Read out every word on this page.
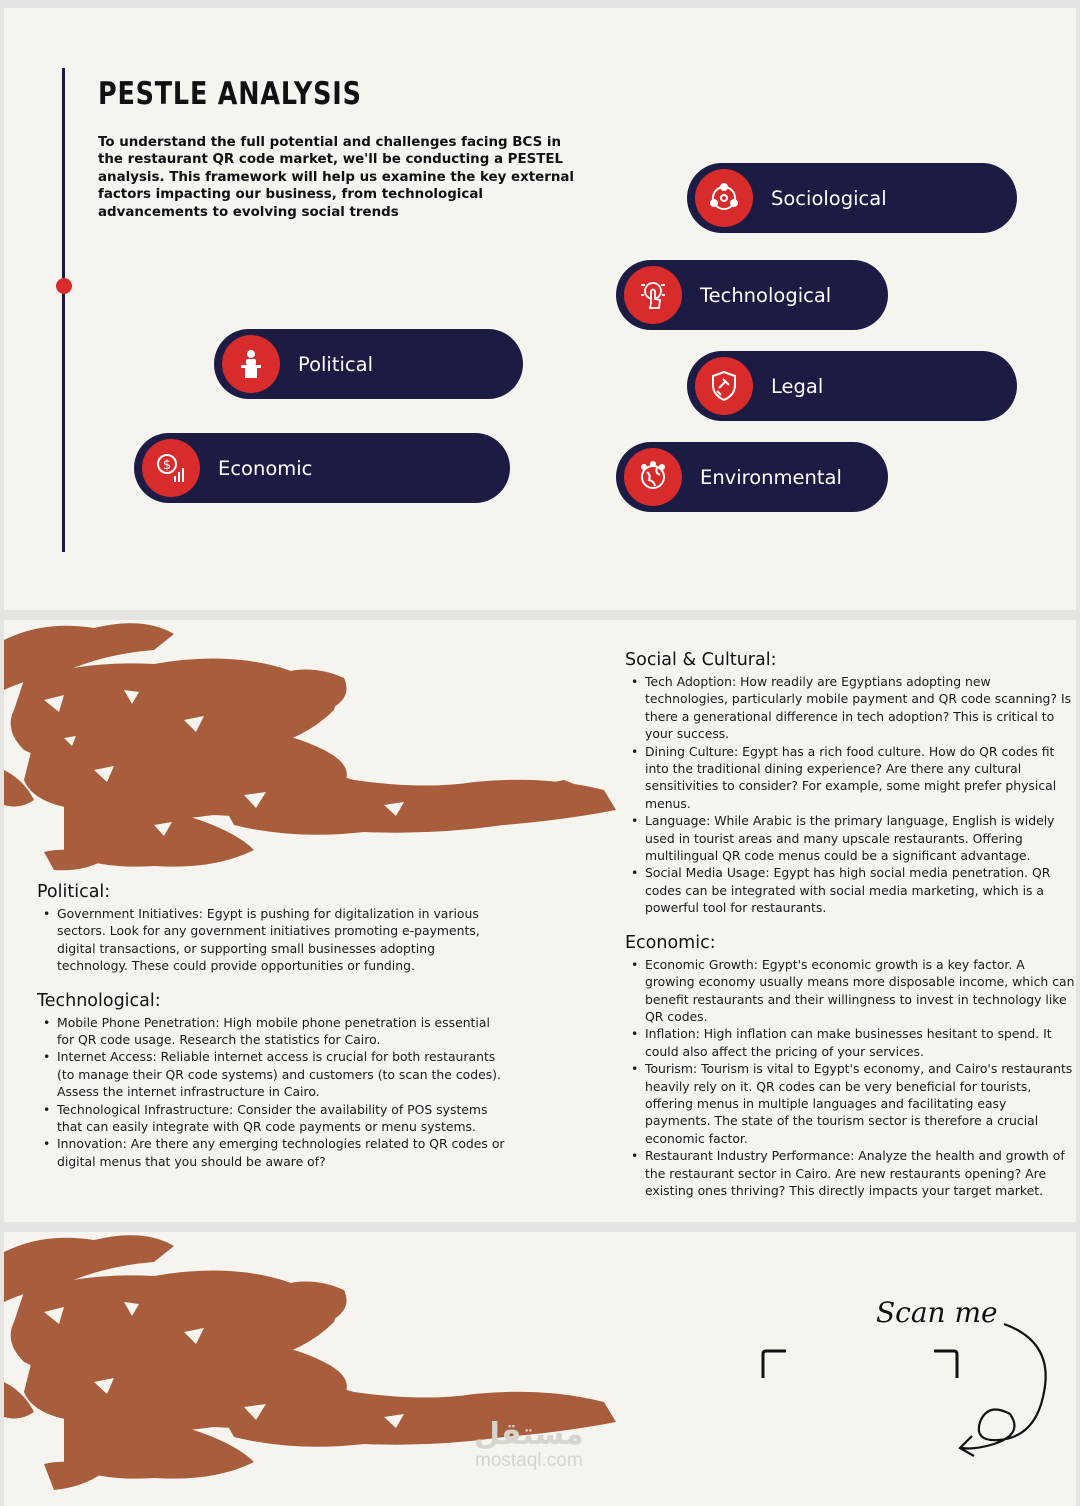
PESTLE ANALYSIS

To understand the full potential and challenges facing BCS in the restaurant QR code market, we'll be conducting a PESTEL analysis. This framework will help us examine the key external factors impacting our business, from technological advancements to evolving social trends

Sociological
Technological
Political
Legal
$ Economic	Environmental
Political:
• Government Initiatives: Egypt is pushing for digitalization in various sectors. Look for any government initiatives promoting e-payments, digital transactions, or supporting small businesses adopting technology. These could provide opportunities or funding.
Technological:
• Mobile Phone Penetration: High mobile phone penetration is essential for QR code usage. Research the statistics for Cairo.
• Internet Access: Reliable internet access is crucial for both restaurants (to manage their QR code systems) and customers (to scan the codes). Assess the internet infrastructure in Cairo.
• Technological Infrastructure: Consider the availability of POS systems that can easily integrate with QR code payments or menu systems.
• Innovation: Are there any emerging technologies related to QR codes or digital menus that you should be aware of?
Social & Cultural:
• Tech Adoption: How readily are Egyptians adopting new technologies, particularly mobile payment and QR code scanning? Is there a generational difference in tech adoption? This is critical to your success.
• Dining Culture: Egypt has a rich food culture. How do QR codes fit into the traditional dining experience? Are there any cultural sensitivities to consider? For example, some might prefer physical menus.
• Language: While Arabic is the primary language, English is widely used in tourist areas and many upscale restaurants. Offering multilingual QR code menus could be a significant advantage.
• Social Media Usage: Egypt has high social media penetration. QR codes can be integrated with social media marketing, which is a powerful tool for restaurants.
Economic:
• Economic Growth: Egypt's economic growth is a key factor. A growing economy usually means more disposable income, which can benefit restaurants and their willingness to invest in technology like QR codes.
• Inflation: High inflation can make businesses hesitant to spend. It could also affect the pricing of your services.
• Tourism: Tourism is vital to Egypt's economy, and Cairo's restaurants heavily rely on it. QR codes can be very beneficial for tourists, offering menus in multiple languages and facilitating easy payments. The state of the tourism sector is therefore a crucial economic factor.
• Restaurant Industry Performance: Analyze the health and growth of the restaurant sector in Cairo. Are new restaurants opening? Are existing ones thriving? This directly impacts your target market.
مستقل
mostaql.com
Scan me
